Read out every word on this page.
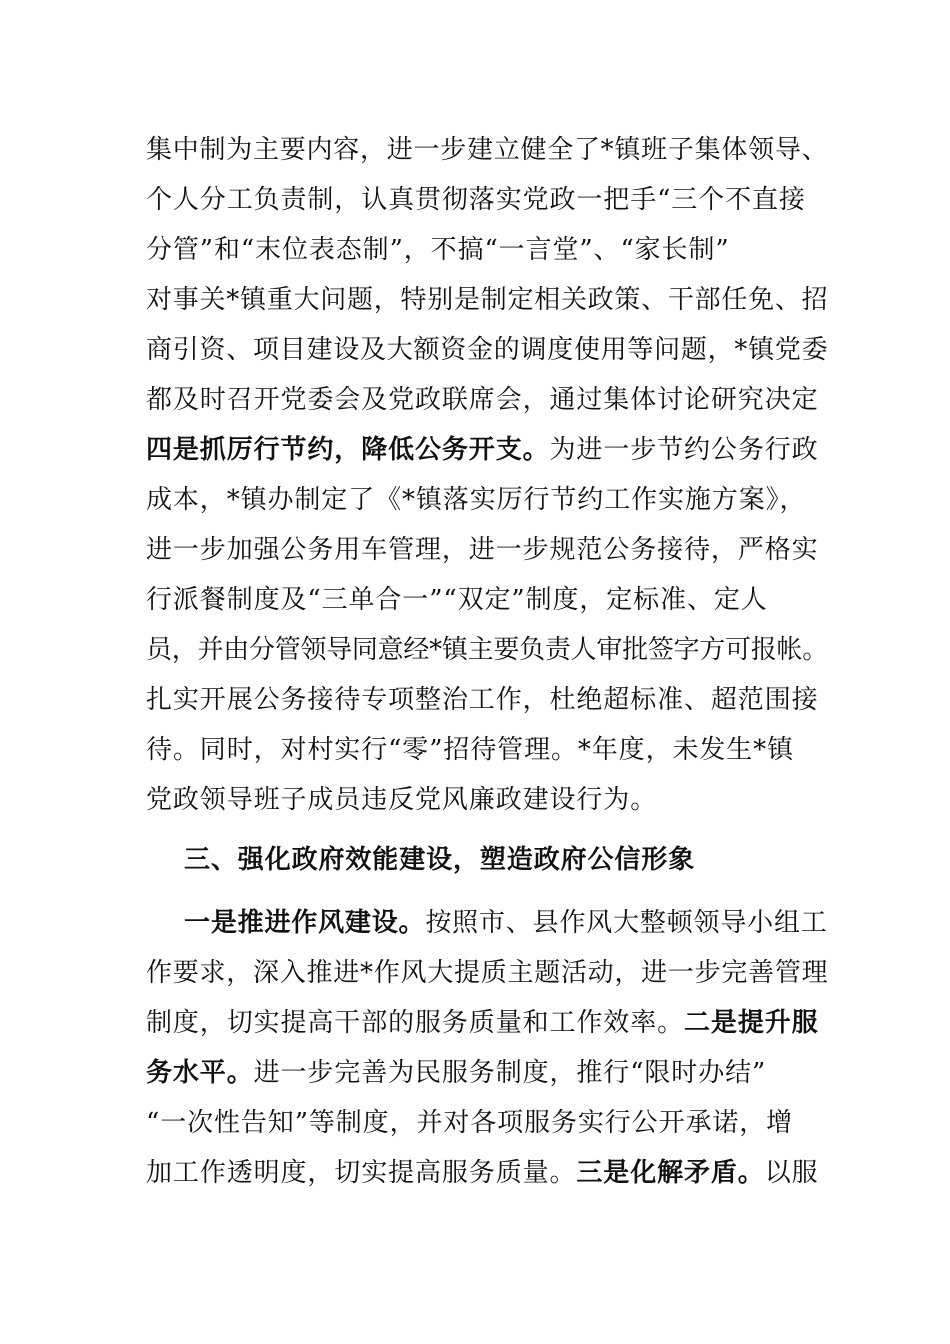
集中制为主要内容，进一步建立健全了*镇班子集体领导、
个人分工负责制，认真贯彻落实党政一把手“三个不直接
分管”和“末位表态制”，不搞“一言堂”、“家长制”
对事关*镇重大问题，特别是制定相关政策、干部任免、招
商引资、项目建设及大额资金的调度使用等问题，*镇党委
都及时召开党委会及党政联席会，通过集体讨论研究决定
四是抓厉行节约，降低公务开支。为进一步节约公务行政
成本，*镇办制定了《*镇落实厉行节约工作实施方案》，
进一步加强公务用车管理，进一步规范公务接待，严格实
行派餐制度及“三单合一”“双定”制度，定标准、定人
员，并由分管领导同意经*镇主要负责人审批签字方可报帐。
扎实开展公务接待专项整治工作，杜绝超标准、超范围接
待。同时，对村实行“零”招待管理。*年度，未发生*镇
党政领导班子成员违反党风廉政建设行为。
三、强化政府效能建设，塑造政府公信形象
一是推进作风建设。按照市、县作风大整顿领导小组工
作要求，深入推进*作风大提质主题活动，进一步完善管理
制度，切实提高干部的服务质量和工作效率。二是提升服
务水平。进一步完善为民服务制度，推行“限时办结”
“一次性告知”等制度，并对各项服务实行公开承诺，增
加工作透明度，切实提高服务质量。三是化解矛盾。以服
